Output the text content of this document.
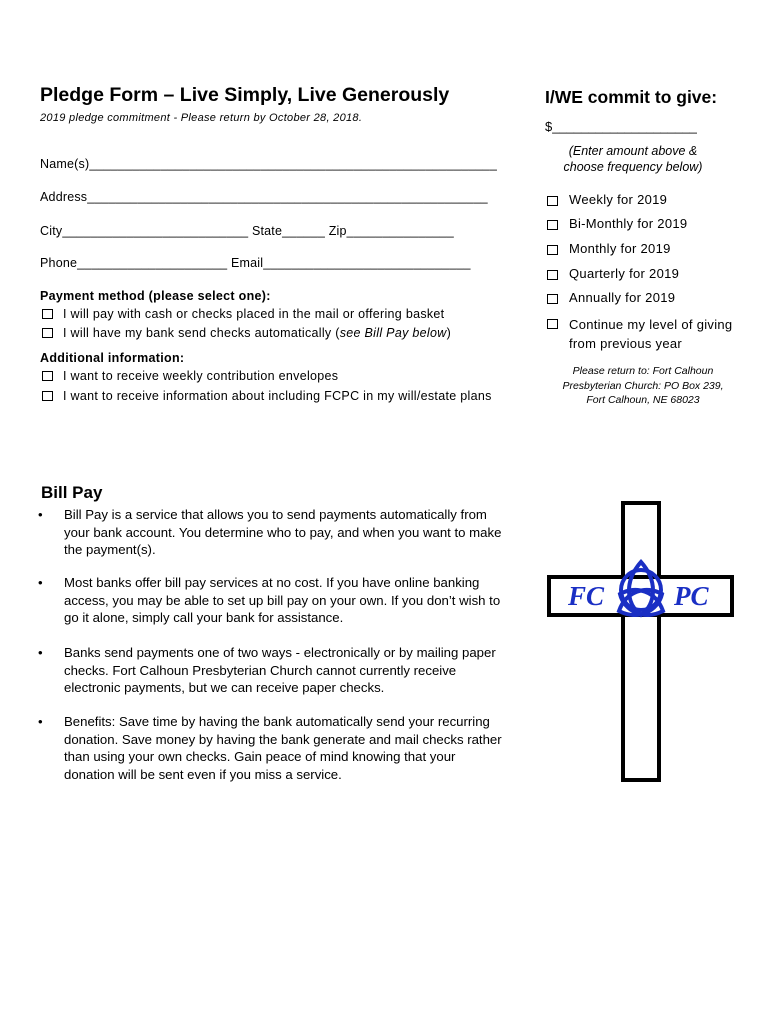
Pledge Form – Live Simply, Live Generously
2019 pledge commitment - Please return by October 28, 2018.
Name(s)_________________________________________________________
Address________________________________________________________
City__________________________ State______ Zip_______________
Phone_____________________ Email_____________________________
Payment method (please select one):
I will pay with cash or checks placed in the mail or offering basket
I will have my bank send checks automatically (see Bill Pay below)
Additional information:
I want to receive weekly contribution envelopes
I want to receive information about including FCPC in my will/estate plans
I/WE commit to give:
$____________________
(Enter amount above &
choose frequency below)
Weekly for 2019
Bi-Monthly for 2019
Monthly for 2019
Quarterly for 2019
Annually for 2019
Continue my level of giving
from previous year
Please return to: Fort Calhoun
Presbyterian Church: PO Box 239,
Fort Calhoun, NE 68023
Bill Pay
• Bill Pay is a service that allows you to send payments automatically from your bank account. You determine who to pay, and when you want to make the payment(s).
• Most banks offer bill pay services at no cost. If you have online banking access, you may be able to set up bill pay on your own. If you don’t wish to go it alone, simply call your bank for assistance.
• Banks send payments one of two ways - electronically or by mailing paper checks. Fort Calhoun Presbyterian Church cannot currently receive electronic payments, but we can receive paper checks.
• Benefits: Save time by having the bank automatically send your recurring donation. Save money by having the bank generate and mail checks rather than using your own checks. Gain peace of mind knowing that your donation will be sent even if you miss a service.
FC	PC
